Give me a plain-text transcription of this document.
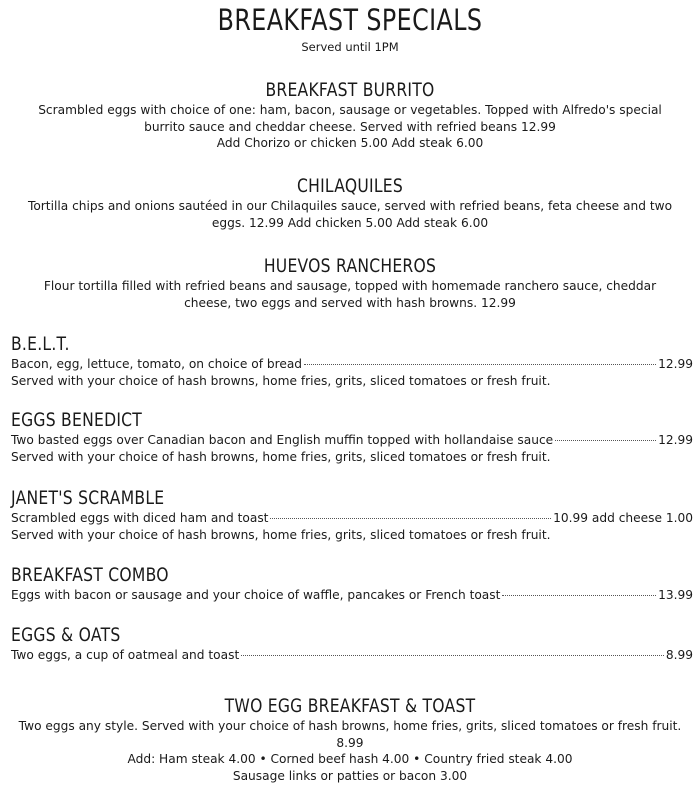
BREAKFAST SPECIALS
Served until 1PM
BREAKFAST BURRITO
Scrambled eggs with choice of one: ham, bacon, sausage or vegetables. Topped with Alfredo's special
burrito sauce and cheddar cheese. Served with refried beans 12.99
Add Chorizo or chicken 5.00 Add steak 6.00
CHILAQUILES
Tortilla chips and onions sautéed in our Chilaquiles sauce, served with refried beans, feta cheese and two
eggs. 12.99 Add chicken 5.00 Add steak 6.00
HUEVOS RANCHEROS
Flour tortilla filled with refried beans and sausage, topped with homemade ranchero sauce, cheddar
cheese, two eggs and served with hash browns. 12.99
B.E.L.T.
Bacon, egg, lettuce, tomato, on choice of bread	12.99
Served with your choice of hash browns, home fries, grits, sliced tomatoes or fresh fruit.
EGGS BENEDICT
Two basted eggs over Canadian bacon and English muffin topped with hollandaise sauce	12.99
Served with your choice of hash browns, home fries, grits, sliced tomatoes or fresh fruit.
JANET'S SCRAMBLE
Scrambled eggs with diced ham and toast	10.99 add cheese 1.00
Served with your choice of hash browns, home fries, grits, sliced tomatoes or fresh fruit.
BREAKFAST COMBO
Eggs with bacon or sausage and your choice of waffle, pancakes or French toast	13.99
EGGS & OATS
Two eggs, a cup of oatmeal and toast	8.99
TWO EGG BREAKFAST & TOAST
Two eggs any style. Served with your choice of hash browns, home fries, grits, sliced tomatoes or fresh fruit.
8.99
Add: Ham steak 4.00 • Corned beef hash 4.00 • Country fried steak 4.00
Sausage links or patties or bacon 3.00
